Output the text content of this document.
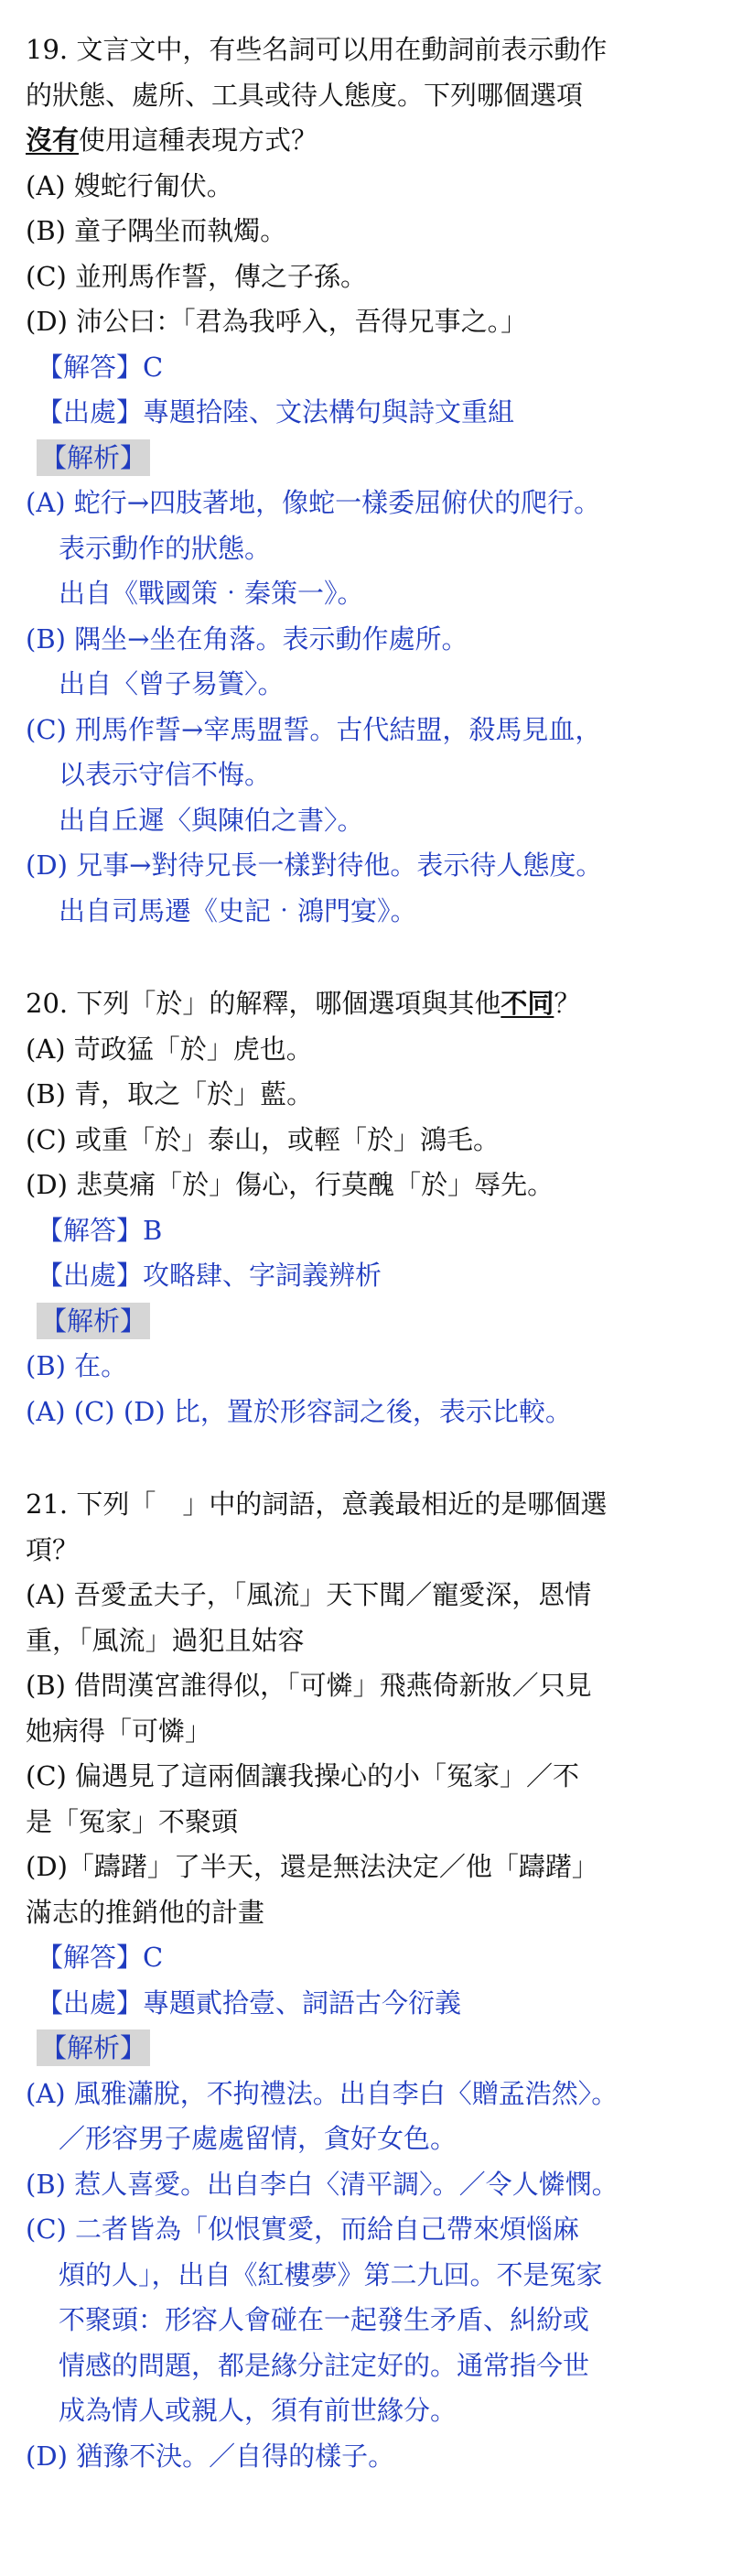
19. 文言文中，有些名詞可以用在動詞前表示動作
的狀態、處所、工具或待人態度。下列哪個選項
沒有使用這種表現方式？
(A) 嫂蛇行匍伏。
(B) 童子隅坐而執燭。
(C) 並刑馬作誓，傳之子孫。
(D) 沛公曰：「君為我呼入，吾得兄事之。」
【解答】C
【出處】專題拾陸、文法構句與詩文重組
【解析】
(A) 蛇行→四肢著地，像蛇一樣委屈俯伏的爬行。
表示動作的狀態。
出自《戰國策‧秦策一》。
(B) 隅坐→坐在角落。表示動作處所。
出自〈曾子易簀〉。
(C) 刑馬作誓→宰馬盟誓。古代結盟，殺馬見血，
以表示守信不悔。
出自丘遲〈與陳伯之書〉。
(D) 兄事→對待兄長一樣對待他。表示待人態度。
出自司馬遷《史記‧鴻門宴》。
20. 下列「於」的解釋，哪個選項與其他不同？
(A) 苛政猛「於」虎也。
(B) 青，取之「於」藍。
(C) 或重「於」泰山，或輕「於」鴻毛。
(D) 悲莫痛「於」傷心，行莫醜「於」辱先。
【解答】B
【出處】攻略肆、字詞義辨析
【解析】
(B) 在。
(A) (C) (D) 比，置於形容詞之後，表示比較。
21. 下列「　」中的詞語，意義最相近的是哪個選
項？
(A) 吾愛孟夫子，「風流」天下聞／寵愛深，恩情
重，「風流」過犯且姑容
(B) 借問漢宮誰得似，「可憐」飛燕倚新妝／只見
她病得「可憐」
(C) 偏遇見了這兩個讓我操心的小「冤家」／不
是「冤家」不聚頭
(D)「躊躇」了半天，還是無法決定／他「躊躇」
滿志的推銷他的計畫
【解答】C
【出處】專題貳拾壹、詞語古今衍義
【解析】
(A) 風雅瀟脫，不拘禮法。出自李白〈贈孟浩然〉。
／形容男子處處留情，貪好女色。
(B) 惹人喜愛。出自李白〈清平調〉。／令人憐憫。
(C) 二者皆為「似恨實愛，而給自己帶來煩惱麻
煩的人」，出自《紅樓夢》第二九回。不是冤家
不聚頭：形容人會碰在一起發生矛盾、糾紛或
情感的問題，都是緣分註定好的。通常指今世
成為情人或親人，須有前世緣分。
(D) 猶豫不決。／自得的樣子。
